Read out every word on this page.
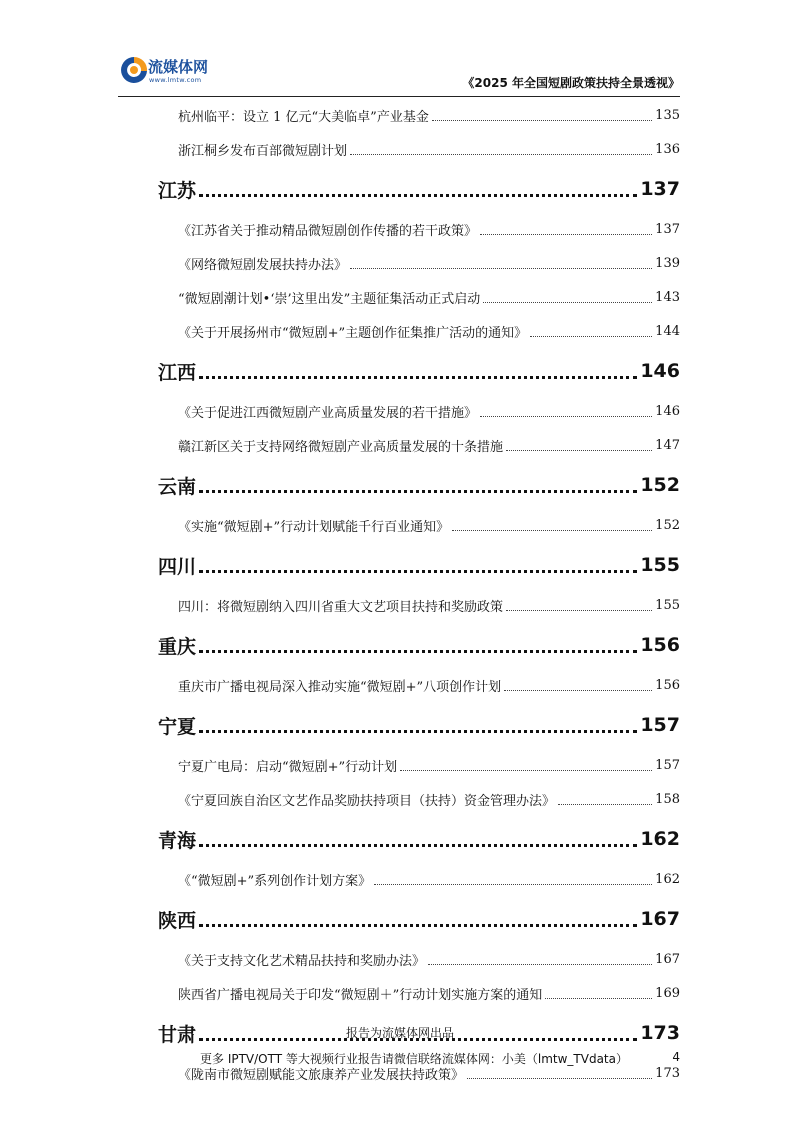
流媒体网
www.lmtw.com	《2025 年全国短剧政策扶持全景透视》
杭州临平：设立 1 亿元“大美临卓”产业基金	135
浙江桐乡发布百部微短剧计划	136
江苏	137
《江苏省关于推动精品微短剧创作传播的若干政策》	137
《网络微短剧发展扶持办法》	139
“微短剧潮计划•‘崇’这里出发”主题征集活动正式启动	143
《关于开展扬州市“微短剧+”主题创作征集推广活动的通知》	144
江西	146
《关于促进江西微短剧产业高质量发展的若干措施》	146
赣江新区关于支持网络微短剧产业高质量发展的十条措施	147
云南	152
《实施“微短剧+”行动计划赋能千行百业通知》	152
四川	155
四川：将微短剧纳入四川省重大文艺项目扶持和奖励政策	155
重庆	156
重庆市广播电视局深入推动实施“微短剧+”八项创作计划	156
宁夏	157
宁夏广电局：启动“微短剧+”行动计划	157
《宁夏回族自治区文艺作品奖励扶持项目（扶持）资金管理办法》	158
青海	162
《“微短剧+”系列创作计划方案》	162
陕西	167
《关于支持文化艺术精品扶持和奖励办法》	167
陕西省广播电视局关于印发“微短剧＋”行动计划实施方案的通知	169
甘肃	173
《陇南市微短剧赋能文旅康养产业发展扶持政策》	173
报告为流媒体网出品
更多 IPTV/OTT 等大视频行业报告请微信联络流媒体网：小美（lmtw_TVdata）	4
